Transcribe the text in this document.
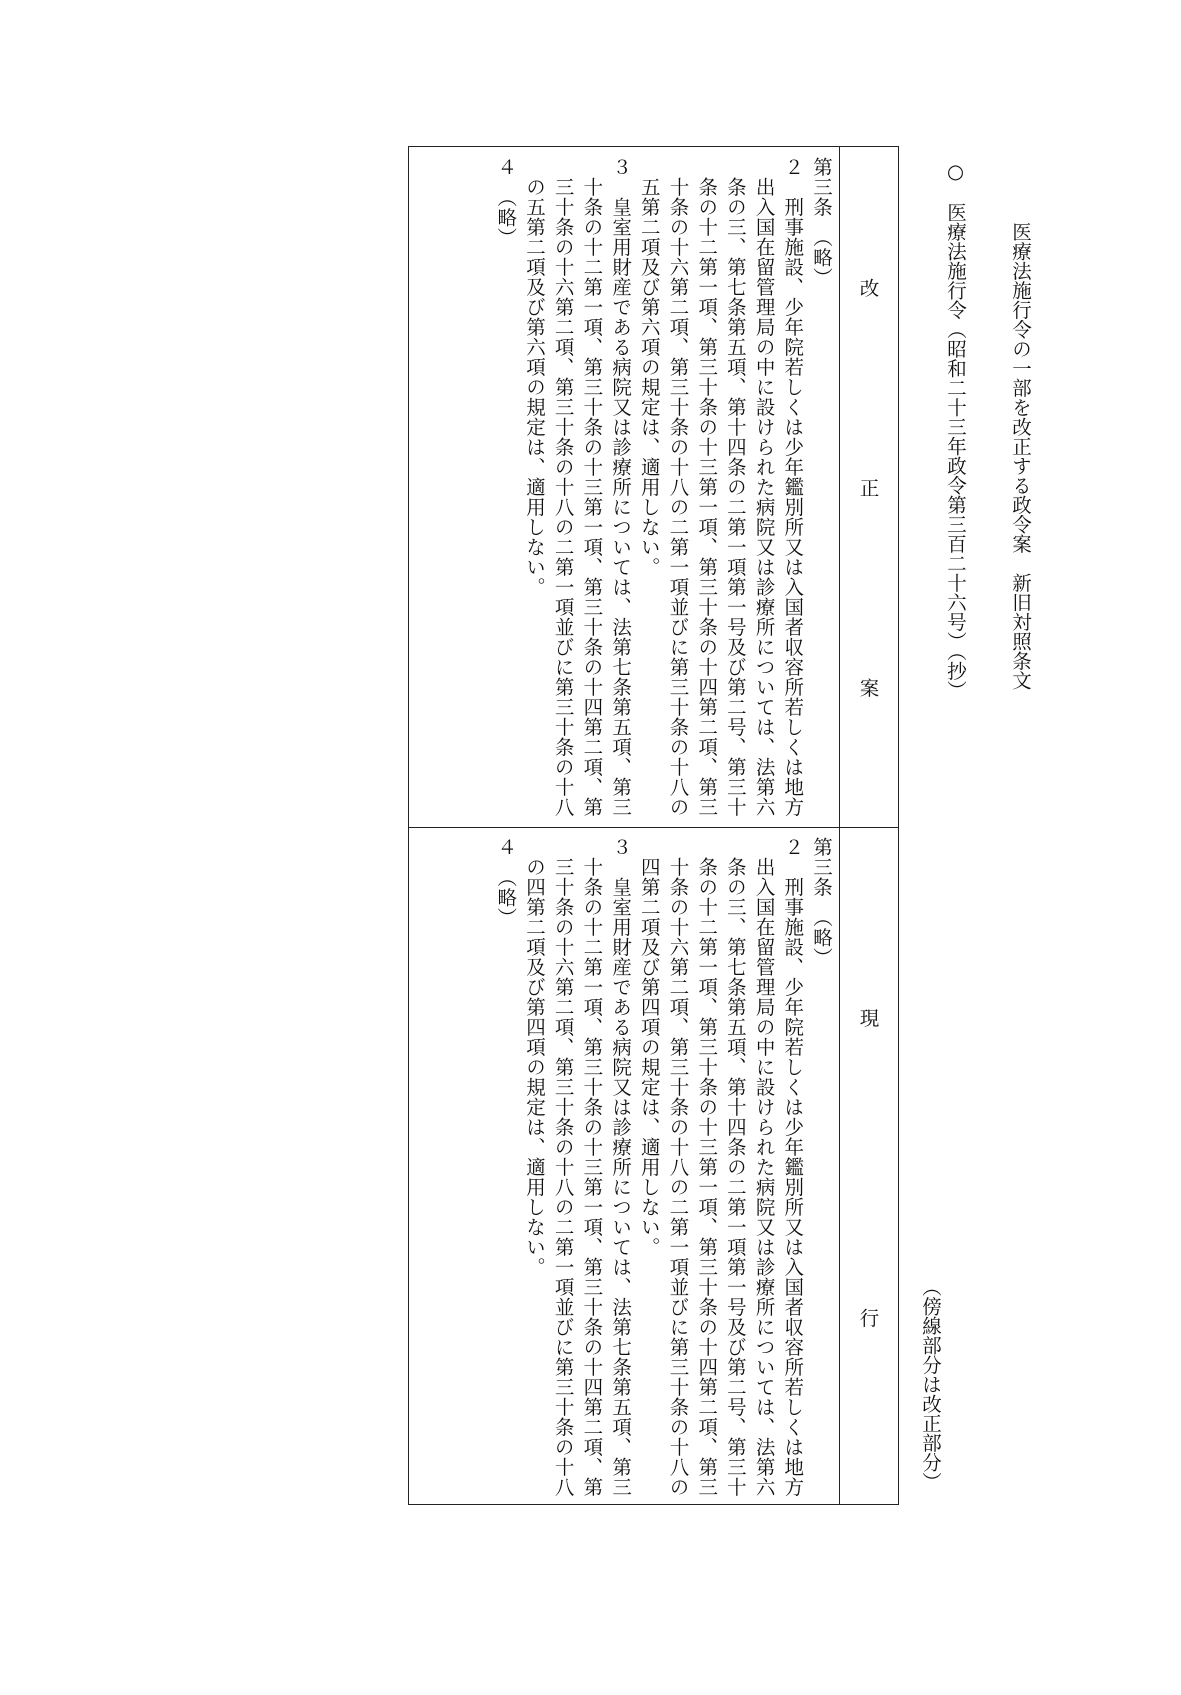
医療法施行令の一部を改正する政令案　新旧対照条文
○　医療法施行令（昭和二十三年政令第三百二十六号）（抄）
（傍線部分は改正部分）
改
正
案
現
行

第三条　（略）

２　刑事施設、少年院若しくは少年鑑別所又は入国者収容所若しくは地方出入国在留管理局の中に設けられた病院又は診療所については、法第六条の三、第七条第五項、第十四条の二第一項第一号及び第二号、第三十条の十二第一項、第三十条の十三第一項、第三十条の十四第二項、第三十条の十六第二項、第三十条の十八の二第一項並びに第三十条の十八の五第二項及び第六項の規定は、適用しない。

３　皇室用財産である病院又は診療所については、法第七条第五項、第三十条の十二第一項、第三十条の十三第一項、第三十条の十四第二項、第三十条の十六第二項、第三十条の十八の二第一項並びに第三十条の十八の五第二項及び第六項の規定は、適用しない。

４　（略）

第三条　（略）

２　刑事施設、少年院若しくは少年鑑別所又は入国者収容所若しくは地方出入国在留管理局の中に設けられた病院又は診療所については、法第六条の三、第七条第五項、第十四条の二第一項第一号及び第二号、第三十条の十二第一項、第三十条の十三第一項、第三十条の十四第二項、第三十条の十六第二項、第三十条の十八の二第一項並びに第三十条の十八の四第二項及び第四項の規定は、適用しない。

３　皇室用財産である病院又は診療所については、法第七条第五項、第三十条の十二第一項、第三十条の十三第一項、第三十条の十四第二項、第三十条の十六第二項、第三十条の十八の二第一項並びに第三十条の十八の四第二項及び第四項の規定は、適用しない。

４　（略）
